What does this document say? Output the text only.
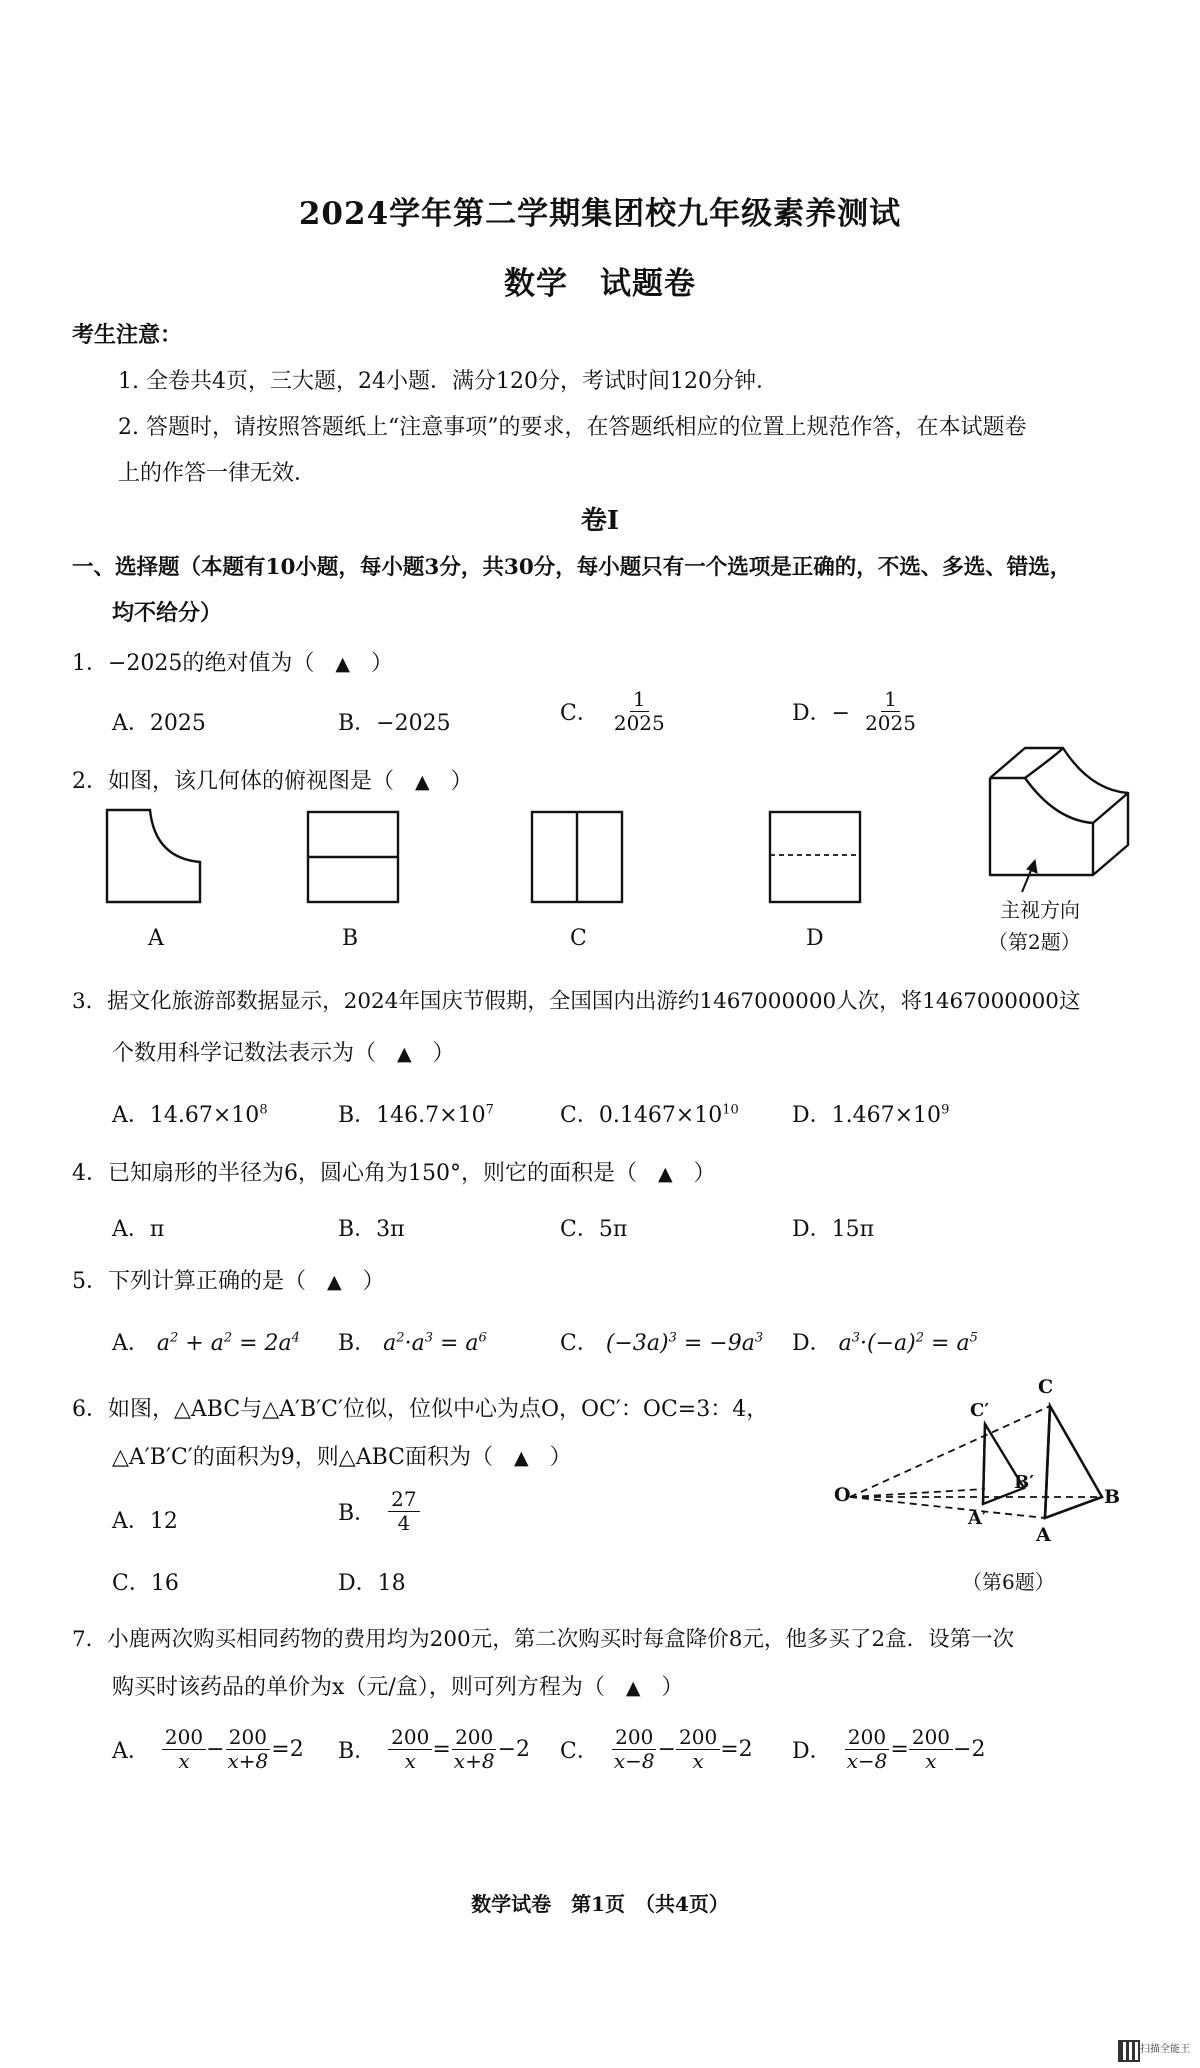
2024学年第二学期集团校九年级素养测试
数学　试题卷
考生注意：
1. 全卷共4页，三大题，24小题．满分120分，考试时间120分钟．
2. 答题时，请按照答题纸上“注意事项”的要求，在答题纸相应的位置上规范作答，在本试题卷
上的作答一律无效．
卷Ⅰ
一、选择题（本题有10小题，每小题3分，共30分，每小题只有一个选项是正确的，不选、多选、错选，
均不给分）
1．−2025的绝对值为（ ▲ ）
A．2025	B．−2025	C． $\frac{1}{2025}$	D．− $\frac{1}{2025}$
2．如图，该几何体的俯视图是（ ▲ ）
A	B	C	D
主视方向
（第2题）
3．据文化旅游部数据显示，2024年国庆节假期，全国国内出游约1467000000人次，将1467000000这
个数用科学记数法表示为（ ▲ ）
A．$14.67\times 10^8$	B．$146.7\times 10^7$	C．$0.1467\times 10^{10}$ D．$1.467\times 10^9$
4．已知扇形的半径为6，圆心角为150°，则它的面积是（ ▲ ）
A．π	B．3π	C．5π	D．15π
5．下列计算正确的是（ ▲ ）
A． $a^2 + a^2 = 2a^4$ B． $a^2\cdot a^3 = a^6$	C． $(-3a)^3 = -9a^3$ D． $a^3\cdot(-a)^2 = a^5$
6．如图，△ABC与△A′B′C′位似，位似中心为点O，OC′：OC=3：4，
△A′B′C′的面积为9，则△ABC面积为（ ▲ ）
A．12	B． $\frac{27}{4}$
C．16	D．18
O
C
B
A
C′
B′
A′
（第6题）
7．小鹿两次购买相同药物的费用均为200元，第二次购买时每盒降价8元，他多买了2盒．设第一次
购买时该药品的单价为x（元/盒），则可列方程为（ ▲ ）
A． $\frac{200}{x} - \frac{200}{x+8} =2$ B． $\frac{200}{x} = \frac{200}{x+8} -2$ C． $\frac{200}{x-8} - \frac{200}{x} =2$ D． $\frac{200}{x-8} = \frac{200}{x} -2$
数学试卷　第1页　（共4页）
扫描全能王
